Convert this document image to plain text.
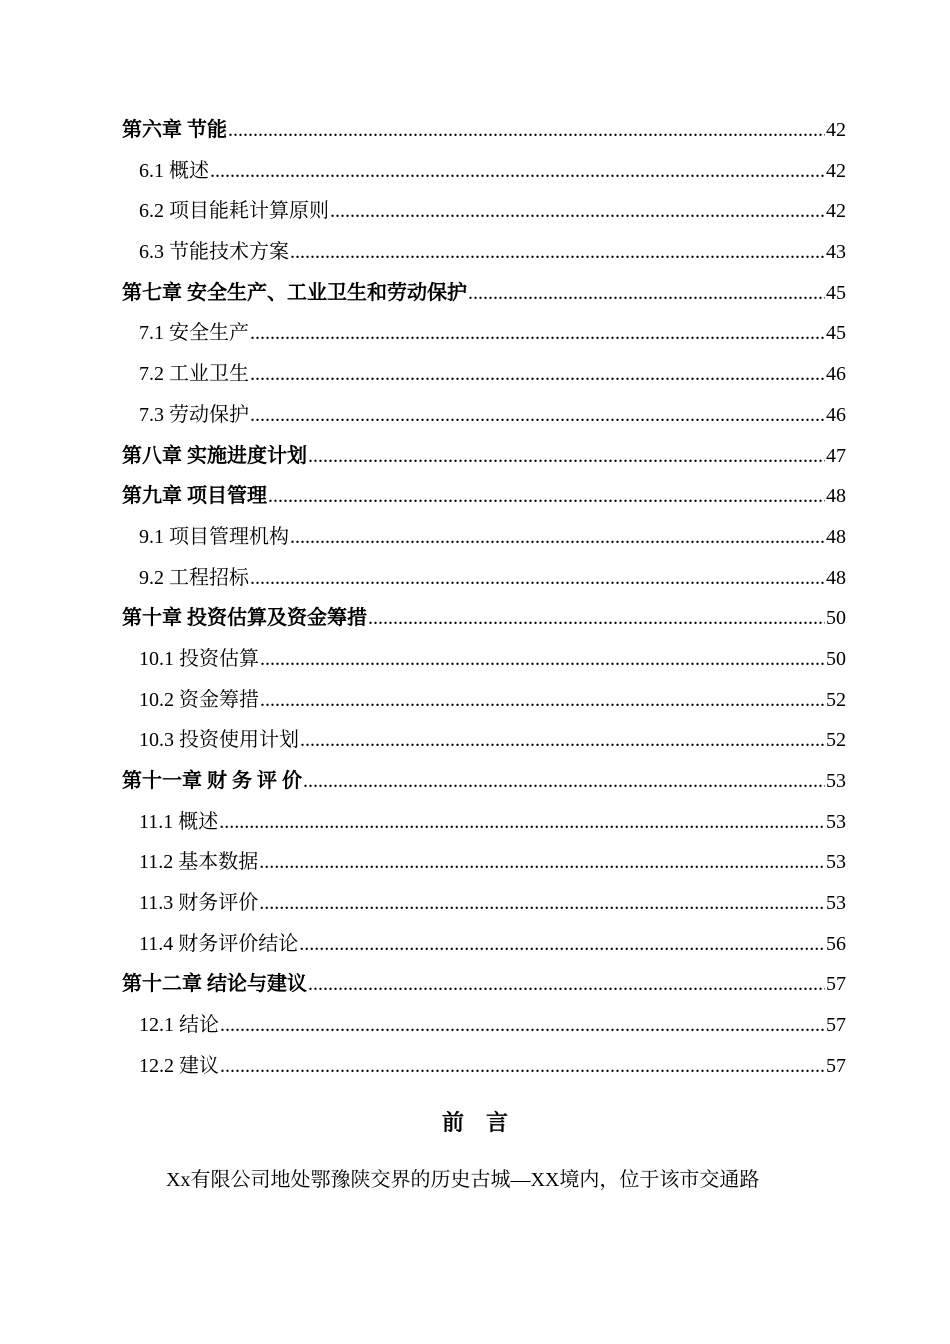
第六章 节能 .....	42
6.1 概述 .....	42
6.2 项目能耗计算原则 .....	42
6.3 节能技术方案 .....	43
第七章 安全生产、工业卫生和劳动保护 .....	45
7.1 安全生产 .....	45
7.2 工业卫生 .....	46
7.3 劳动保护 .....	46
第八章 实施进度计划 .....	47
第九章 项目管理 .....	48
9.1 项目管理机构 .....	48
9.2 工程招标 .....	48
第十章 投资估算及资金筹措 .....	50
10.1 投资估算 .....	50
10.2 资金筹措 .....	52
10.3 投资使用计划 .....	52
第十一章 财 务 评 价 .....	53
11.1 概述 .....	53
11.2 基本数据 .....	53
11.3 财务评价 .....	53
11.4 财务评价结论 .....	56
第十二章 结论与建议 .....	57
12.1 结论 .....	57
12.2 建议 .....	57
前言
Xx有限公司地处鄂豫陕交界的历史古城—XX境内，位于该市交通路
